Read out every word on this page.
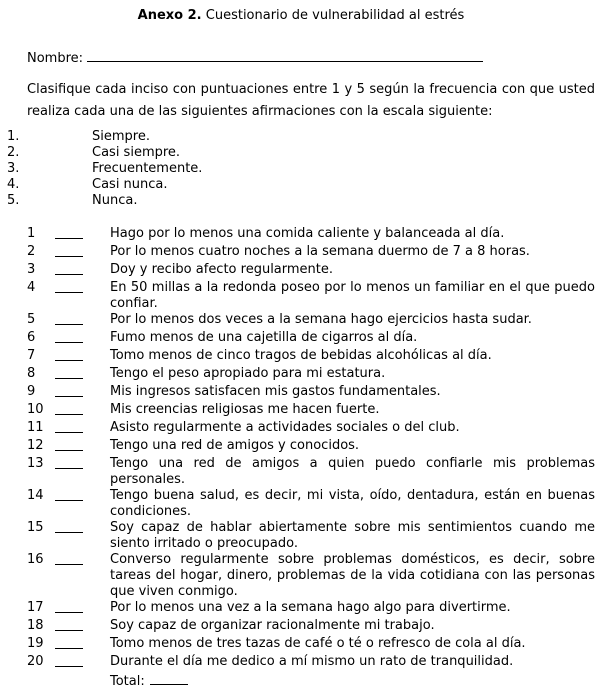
Anexo 2. Cuestionario de vulnerabilidad al estrés
Nombre:

Clasifique cada inciso con puntuaciones entre 1 y 5 según la frecuencia con que usted realiza cada una de las siguientes afirmaciones con la escala siguiente:

1.	Siempre.
2.	Casi siempre.
3.	Frecuentemente.
4.	Casi nunca.
5.	Nunca.
1	Hago por lo menos una comida caliente y balanceada al día.
2	Por lo menos cuatro noches a la semana duermo de 7 a 8 horas.
3	Doy y recibo afecto regularmente.
4	En 50 millas a la redonda poseo por lo menos un familiar en el que puedo confiar.
5	Por lo menos dos veces a la semana hago ejercicios hasta sudar.
6	Fumo menos de una cajetilla de cigarros al día.
7	Tomo menos de cinco tragos de bebidas alcohólicas al día.
8	Tengo el peso apropiado para mi estatura.
9	Mis ingresos satisfacen mis gastos fundamentales.
10	Mis creencias religiosas me hacen fuerte.
11	Asisto regularmente a actividades sociales o del club.
12	Tengo una red de amigos y conocidos.
13	Tengo una red de amigos a quien puedo confiarle mis problemas personales.
14	Tengo buena salud, es decir, mi vista, oído, dentadura, están en buenas condiciones.
15	Soy capaz de hablar abiertamente sobre mis sentimientos cuando me siento irritado o preocupado.
16	Converso regularmente sobre problemas domésticos, es decir, sobre tareas del hogar, dinero, problemas de la vida cotidiana con las personas que viven conmigo.
17	Por lo menos una vez a la semana hago algo para divertirme.
18	Soy capaz de organizar racionalmente mi trabajo.
19	Tomo menos de tres tazas de café o té o refresco de cola al día.
20	Durante el día me dedico a mí mismo un rato de tranquilidad.
Total:
